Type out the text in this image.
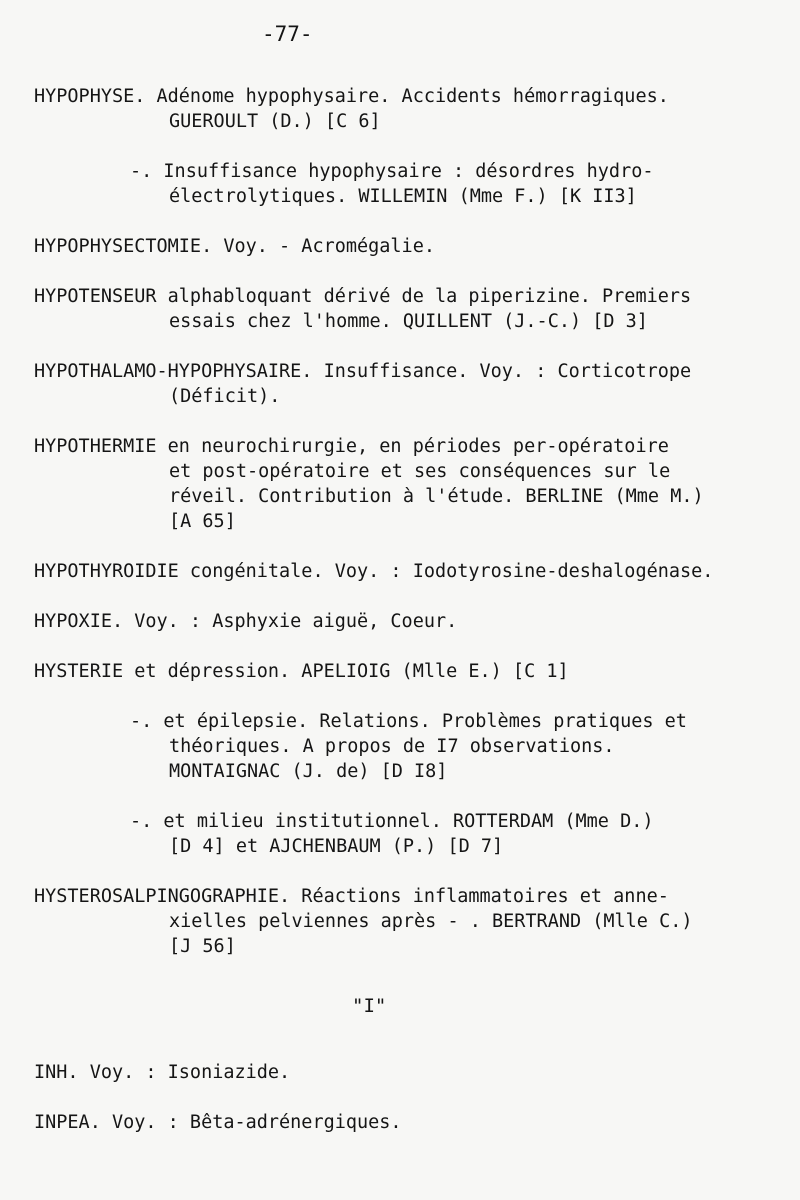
-77-
HYPOPHYSE. Adénome hypophysaire. Accidents hémorragiques.
GUEROULT (D.) [C 6]
-. Insuffisance hypophysaire : désordres hydro-
électrolytiques. WILLEMIN (Mme F.) [K II3]
HYPOPHYSECTOMIE. Voy. - Acromégalie.
HYPOTENSEUR alphabloquant dérivé de la piperizine. Premiers
essais chez l'homme. QUILLENT (J.-C.) [D 3]
HYPOTHALAMO-HYPOPHYSAIRE. Insuffisance. Voy. : Corticotrope
(Déficit).
HYPOTHERMIE en neurochirurgie, en périodes per-opératoire
et post-opératoire et ses conséquences sur le
réveil. Contribution à l'étude. BERLINE (Mme M.)
[A 65]
HYPOTHYROIDIE congénitale. Voy. : Iodotyrosine-deshalogénase.
HYPOXIE. Voy. : Asphyxie aiguë, Coeur.
HYSTERIE et dépression. APELIOIG (Mlle E.) [C 1]
-. et épilepsie. Relations. Problèmes pratiques et
théoriques. A propos de I7 observations.
MONTAIGNAC (J. de) [D I8]
-. et milieu institutionnel. ROTTERDAM (Mme D.)
[D 4] et AJCHENBAUM (P.) [D 7]
HYSTEROSALPINGOGRAPHIE. Réactions inflammatoires et anne-
xielles pelviennes après - . BERTRAND (Mlle C.)
[J 56]
"I"
INH. Voy. : Isoniazide.
INPEA. Voy. : Bêta-adrénergiques.
